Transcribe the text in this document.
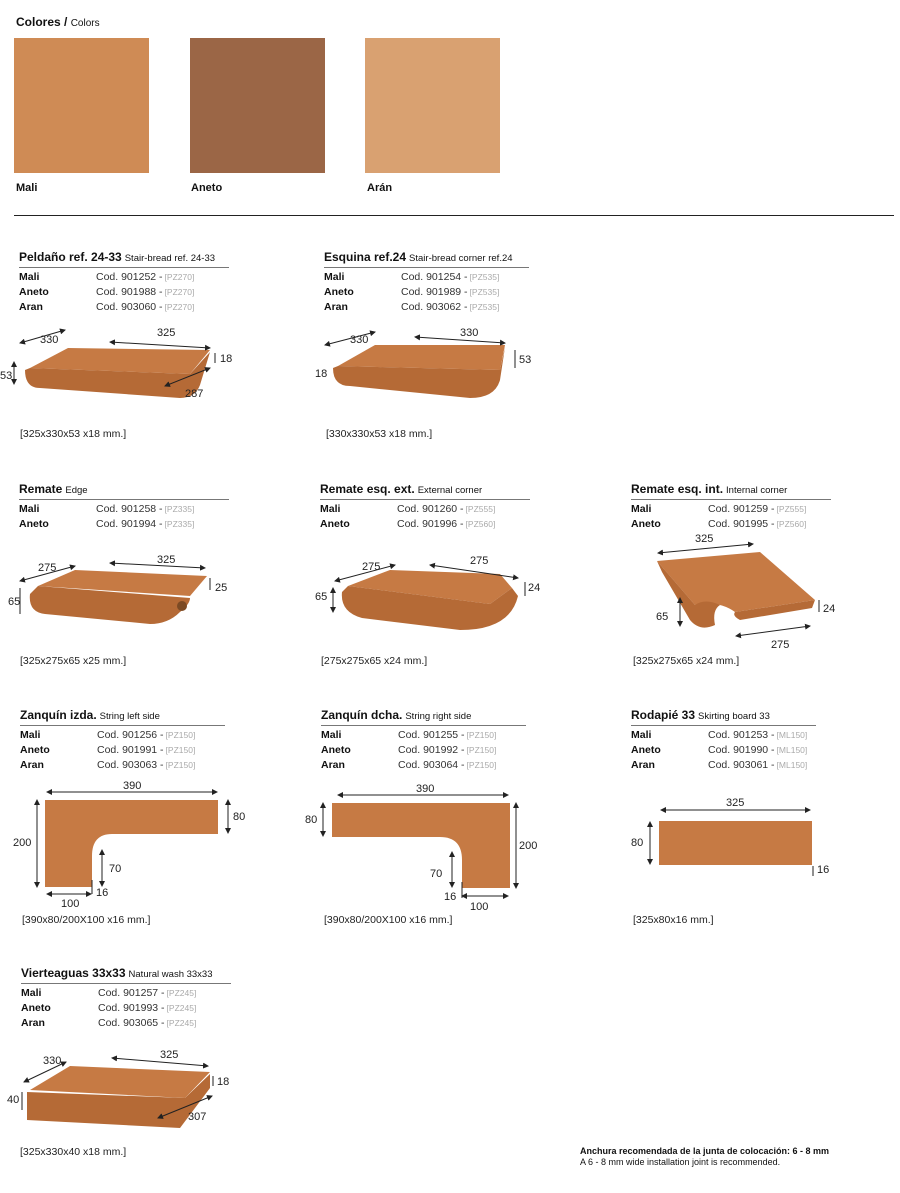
Colores / Colors
Mali	Aneto	Arán
Peldaño ref. 24-33 Stair-bread ref. 24-33
Mali	Cod. 901252 - [PZ270]
Aneto	Cod. 901988 - [PZ270]
Aran	Cod. 903060 - [PZ270]
Esquina ref.24 Stair-bread corner ref.24
Mali	Cod. 901254 - [PZ535]
Aneto	Cod. 901989 - [PZ535]
Aran	Cod. 903062 - [PZ535]
Remate Edge
Mali	Cod. 901258 - [PZ335]
Aneto	Cod. 901994 - [PZ335]
Remate esq. ext. External corner
Mali	Cod. 901260 - [PZ555]
Aneto	Cod. 901996 - [PZ560]
Remate esq. int. Internal corner
Mali	Cod. 901259 - [PZ555]
Aneto	Cod. 901995 - [PZ560]
Zanquín izda. String left side
Mali	Cod. 901256 - [PZ150]
Aneto	Cod. 901991 - [PZ150]
Aran	Cod. 903063 - [PZ150]
Zanquín dcha. String right side
Mali	Cod. 901255 - [PZ150]
Aneto	Cod. 901992 - [PZ150]
Aran	Cod. 903064 - [PZ150]
Rodapié 33 Skirting board 33
Mali	Cod. 901253 - [ML150]
Aneto	Cod. 901990 - [ML150]
Aran	Cod. 903061 - [ML150]
Vierteaguas 33x33 Natural wash 33x33
Mali	Cod. 901257 - [PZ245]
Aneto	Cod. 901993 - [PZ245]
Aran	Cod. 903065 - [PZ245]
[325x330x53 x18 mm.]	[330x330x53 x18 mm.]
[325x275x65 x25 mm.]	[275x275x65 x24 mm.]	[325x275x65 x24 mm.]
[390x80/200X100 x16 mm.]	[390x80/200X100 x16 mm.]	[325x80x16 mm.]
[325x330x40 x18 mm.]	Anchura recomendada de la junta de colocación: 6 - 8 mm
A 6 - 8 mm wide installation joint is recommended.
330
325
53
18
287
330
330
53
18
275
325
65
25
275	275
65
24
325
65
24
275
390
80
200
70
100
16
390
80
200
70
16
100
325
80
16
330	325
40
18
307
